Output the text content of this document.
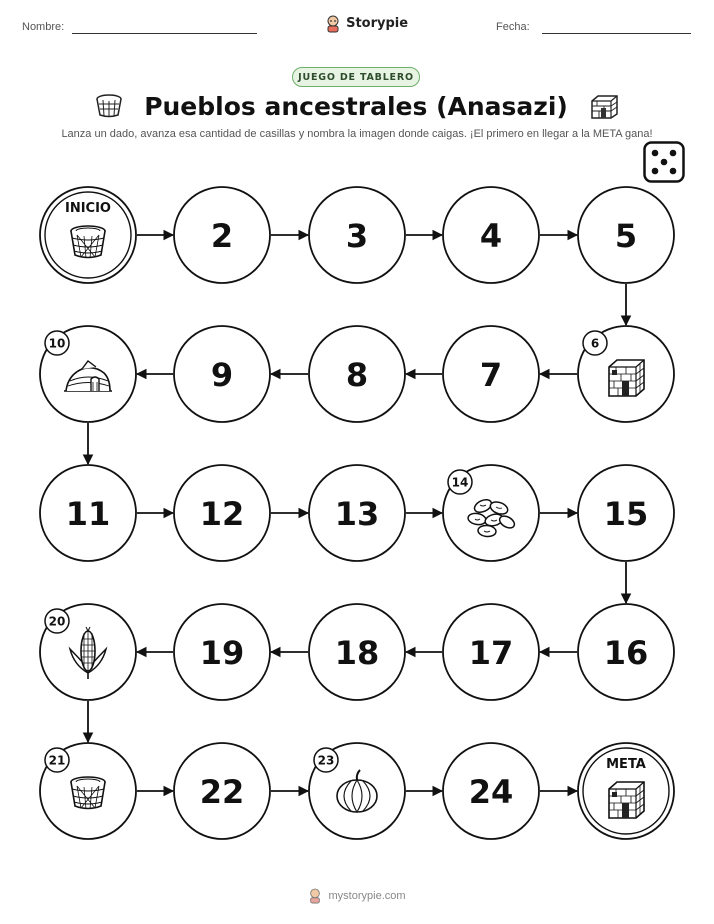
Nombre:	Storypie	Fecha:
JUEGO DE TABLERO
Pueblos ancestrales (Anasazi)
Lanza un dado, avanza esa cantidad de casillas y nombra la imagen donde caigas. ¡El primero en llegar a la META gana!
INICIO
2	3	4	5
6
7
8
9
10
11	12	13
14
15
16
17
18
19
20
21
22
23
24
META
mystorypie.com
